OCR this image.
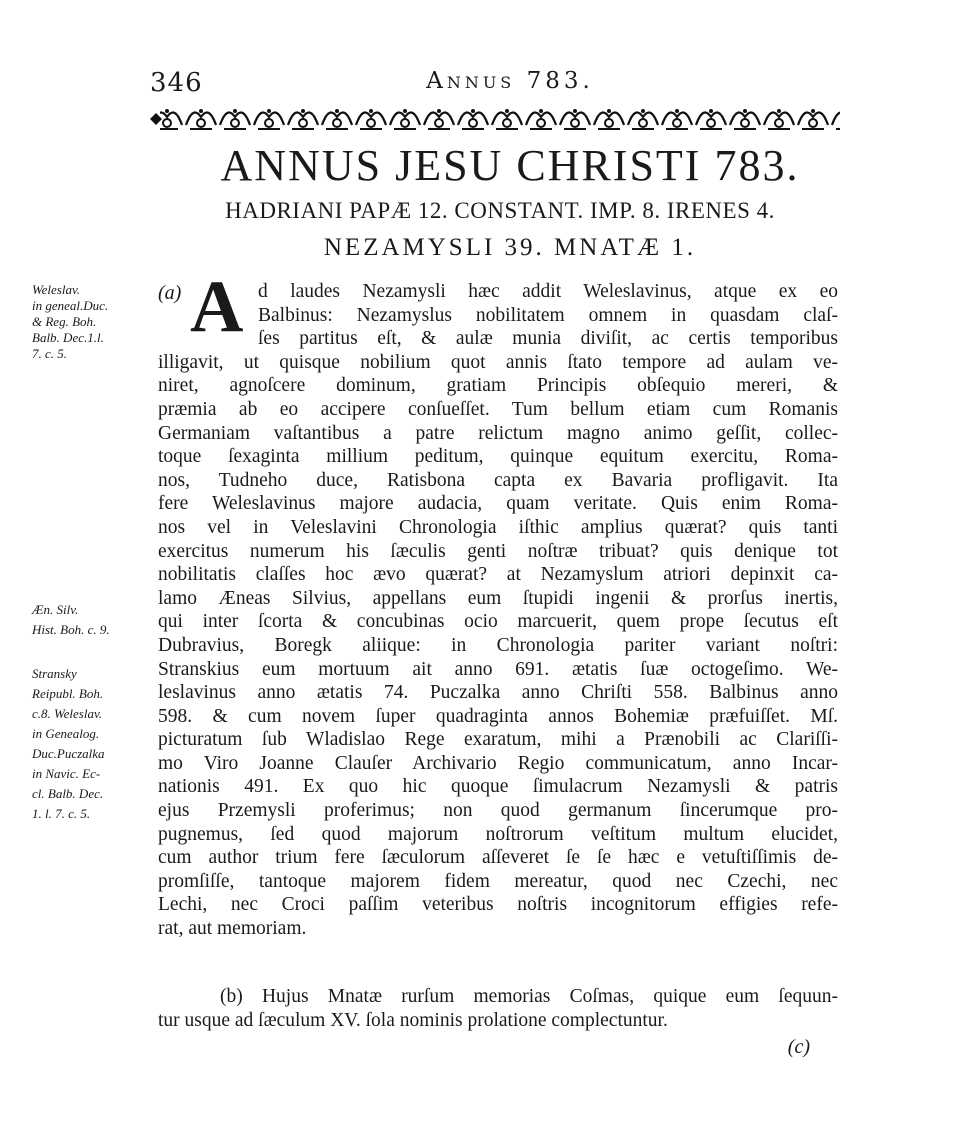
346	Annus 783.
ANNUS JESU CHRISTI 783.
HADRIANI PAPÆ 12. CONSTANT. IMP. 8. IRENES 4.
NEZAMYSLI 39. MNATÆ 1.
Weleslav.
in geneal.Duc.
& Reg. Boh.
Balb. Dec.1.l.
7. c. 5.
Æn. Silv.
Hist. Boh. c. 9.
Stransky
Reipubl. Boh.
c.8. Weleslav.
in Genealog.
Duc.Puczalka
in Navic. Ec-
cl. Balb. Dec.
1. l. 7. c. 5.
(a) A d laudes Nezamysli hæc addit Weleslavinus, atque ex eo
Balbinus: Nezamyslus nobilitatem omnem in quasdam claſ-
ſes partitus eſt, & aulæ munia diviſit, ac certis temporibus
illigavit, ut quisque nobilium quot annis ſtato tempore ad aulam ve-
niret, agnoſcere dominum, gratiam Principis obſequio mereri, &
præmia ab eo accipere conſueſſet. Tum bellum etiam cum Romanis
Germaniam vaſtantibus a patre relictum magno animo geſſit, collec-
toque ſexaginta millium peditum, quinque equitum exercitu, Roma-
nos, Tudneho duce, Ratisbona capta ex Bavaria profligavit. Ita
fere Weleslavinus majore audacia, quam veritate. Quis enim Roma-
nos vel in Veleslavini Chronologia iſthic amplius quærat? quis tanti
exercitus numerum his ſæculis genti noſtræ tribuat? quis denique tot
nobilitatis claſſes hoc ævo quærat? at Nezamyslum atriori depinxit ca-
lamo Æneas Silvius, appellans eum ſtupidi ingenii & prorſus inertis,
qui inter ſcorta & concubinas ocio marcuerit, quem prope ſecutus eſt
Dubravius, Boregk aliique: in Chronologia pariter variant noſtri:
Stranskius eum mortuum ait anno 691. ætatis ſuæ octogeſimo. We-
leslavinus anno ætatis 74. Puczalka anno Chriſti 558. Balbinus anno
598. & cum novem ſuper quadraginta annos Bohemiæ præfuiſſet. Mſ.
picturatum ſub Wladislao Rege exaratum, mihi a Prænobili ac Clariſſi-
mo Viro Joanne Clauſer Archivario Regio communicatum, anno Incar-
nationis 491. Ex quo hic quoque ſimulacrum Nezamysli & patris
ejus Przemysli proferimus; non quod germanum ſincerumque pro-
pugnemus, ſed quod majorum noſtrorum veſtitum multum elucidet,
cum author trium fere ſæculorum aſſeveret ſe ſe hæc e vetuſtiſſimis de-
promſiſſe, tantoque majorem fidem mereatur, quod nec Czechi, nec
Lechi, nec Croci paſſim veteribus noſtris incognitorum effigies refe-
rat, aut memoriam.
(b) Hujus Mnatæ rurſum memorias Coſmas, quique eum ſequun-
tur usque ad ſæculum XV. ſola nominis prolatione complectuntur.
(c)
